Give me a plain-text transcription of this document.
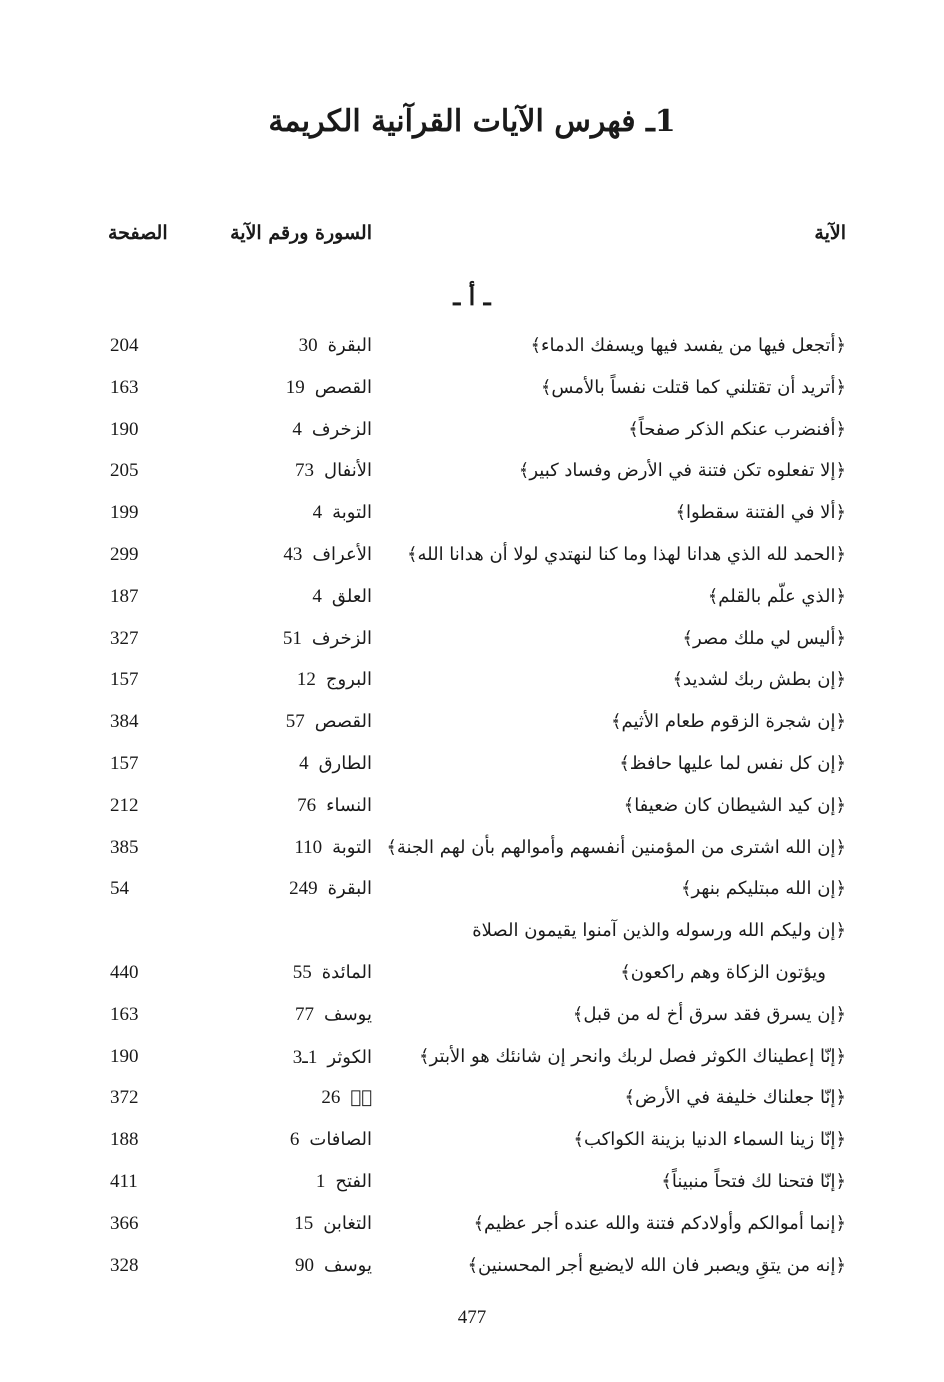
1ـ فهرس الآيات القرآنية الكريمة
الآية
السورة ورقم الآية
الصفحة
ـ أ ـ
﴿أتجعل فيها من يفسد فيها ويسفك الدماء﴾
البقرة30
204
﴿أتريد أن تقتلني كما قتلت نفساً بالأمس﴾
القصص19
163
﴿أفنضرب عنكم الذكر صفحاً﴾
الزخرف4
190
﴿إلا تفعلوه تكن فتنة في الأرض وفساد كبير﴾
الأنفال73
205
﴿ألا في الفتنة سقطوا﴾
التوبة4
199
﴿الحمد لله الذي هدانا لهذا وما كنا لنهتدي لولا أن هدانا الله﴾
الأعراف43
299
﴿الذي علّم بالقلم﴾
العلق4
187
﴿أليس لي ملك مصر﴾
الزخرف51
327
﴿إن بطش ربك لشديد﴾
البروج12
157
﴿إن شجرة الزقوم طعام الأثيم﴾
القصص57
384
﴿إن كل نفس لما عليها حافظ﴾
الطارق4
157
﴿إن كيد الشيطان كان ضعيفا﴾
النساء76
212
﴿إن الله اشترى من المؤمنين أنفسهم وأموالهم بأن لهم الجنة﴾
التوبة110
385
﴿إن الله مبتليكم بنهر﴾
البقرة249
54
﴿إن وليكم الله ورسوله والذين آمنوا يقيمون الصلاة
ويؤتون الزكاة وهم راكعون﴾
المائدة55
440
﴿إن يسرق فقد سرق أخ له من قبل﴾
يوسف77
163
﴿إنّا إعطيناك الكوثر فصل لربك وانحر إن شانئك هو الأبتر﴾
الكوثر1ـ3
190
﴿إنّا جعلناك خليفة في الأرض﴾
صۤ26
372
﴿إنّا زينا السماء الدنيا بزينة الكواكب﴾
الصافات6
188
﴿إنّا فتحنا لك فتحاً منبيناً﴾
الفتح1
411
﴿إنما أموالكم وأولادكم فتنة والله عنده أجر عظيم﴾
التغابن15
366
﴿إنه من يتقِ ويصبر فان الله لايضيع أجر المحسنين﴾
يوسف90
328
477
